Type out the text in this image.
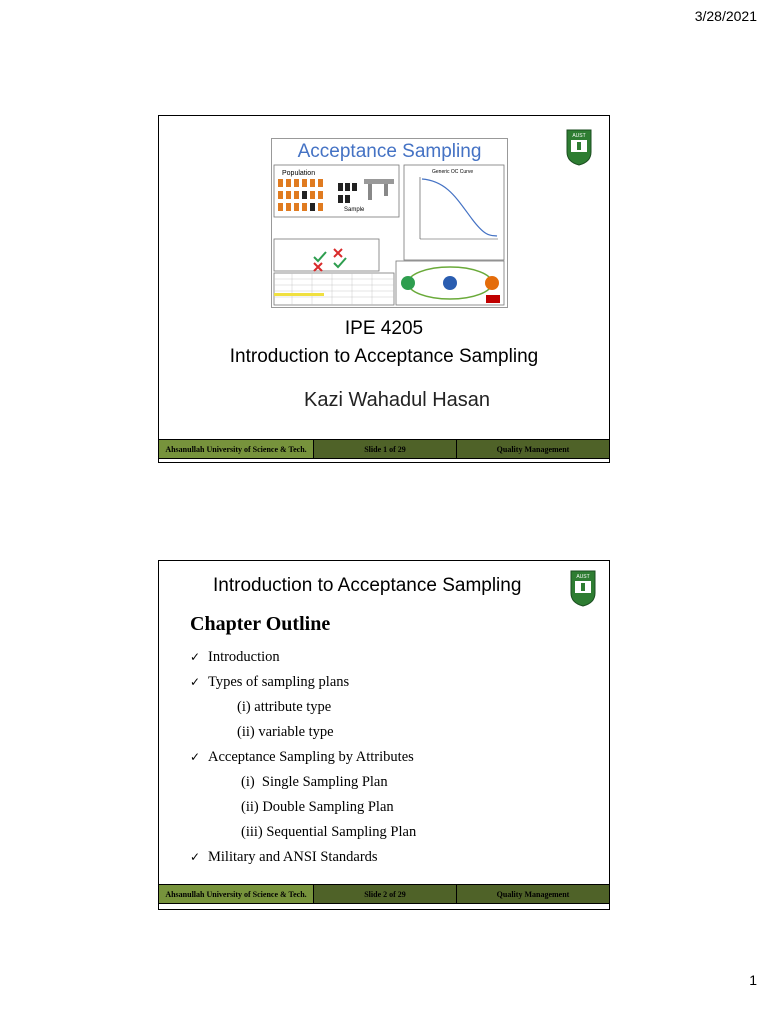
3/28/2021
Acceptance Sampling
Population
Sample
Generic OC Curve
AUST
IPE 4205
Introduction to Acceptance Sampling
Kazi Wahadul Hasan
Ahsanullah University of Science & Tech.	Slide 1 of 29	Quality Management
Introduction to Acceptance Sampling	AUST
Chapter Outline
✓ Introduction
✓ Types of sampling plans
(i) attribute type
(ii) variable type
✓ Acceptance Sampling by Attributes
(i)  Single Sampling Plan
(ii) Double Sampling Plan
(iii) Sequential Sampling Plan
✓ Military and ANSI Standards
Ahsanullah University of Science & Tech.	Slide 2 of 29	Quality Management
1
